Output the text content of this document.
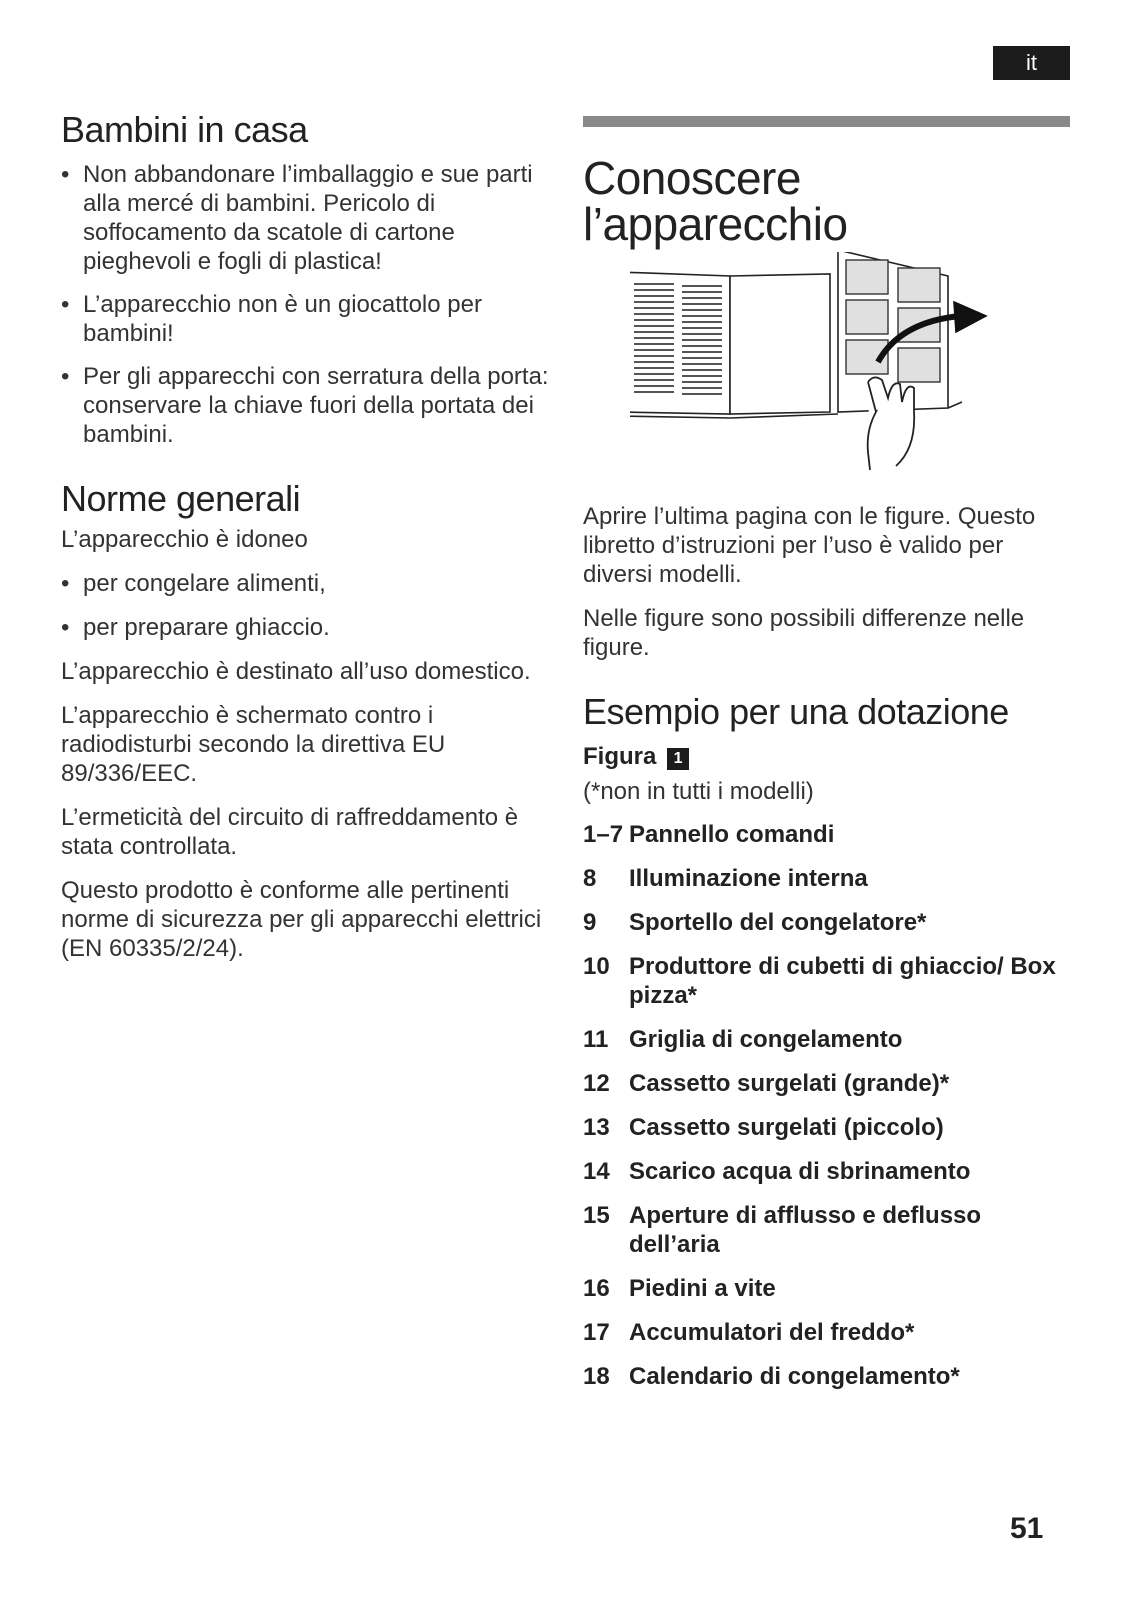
it
Bambini in casa
• Non abbandonare l’imballaggio e sue parti alla mercé di bambini. Pericolo di soffocamento da scatole di cartone pieghevoli e fogli di plastica!
• L’apparecchio non è un giocattolo per bambini!
• Per gli apparecchi con serratura della porta: conservare la chiave fuori della portata dei bambini.
Norme generali

L’apparecchio è idoneo

• per congelare alimenti,
• per preparare ghiaccio.

L’apparecchio è destinato all’uso domestico.

L’apparecchio è schermato contro i radiodisturbi secondo la direttiva EU 89/336/EEC.

L’ermeticità del circuito di raffreddamento è stata controllata.

Questo prodotto è conforme alle pertinenti norme di sicurezza per gli apparecchi elettrici (EN 60335/2/24).

Conoscere l’apparecchio

Aprire l’ultima pagina con le figure. Questo libretto d’istruzioni per l’uso è valido per diversi modelli.

Nelle figure sono possibili differenze nelle figure.

Esempio per una dotazione
Figura 1
(*non in tutti i modelli)
1–7 Pannello comandi
8	Illuminazione interna
9	Sportello del congelatore*
10 Produttore di cubetti di ghiaccio/ Box pizza*
11 Griglia di congelamento
12 Cassetto surgelati (grande)*
13 Cassetto surgelati (piccolo)
14 Scarico acqua di sbrinamento
15 Aperture di afflusso e deflusso dell’aria
16 Piedini a vite
17 Accumulatori del freddo*
18 Calendario di congelamento*
51
